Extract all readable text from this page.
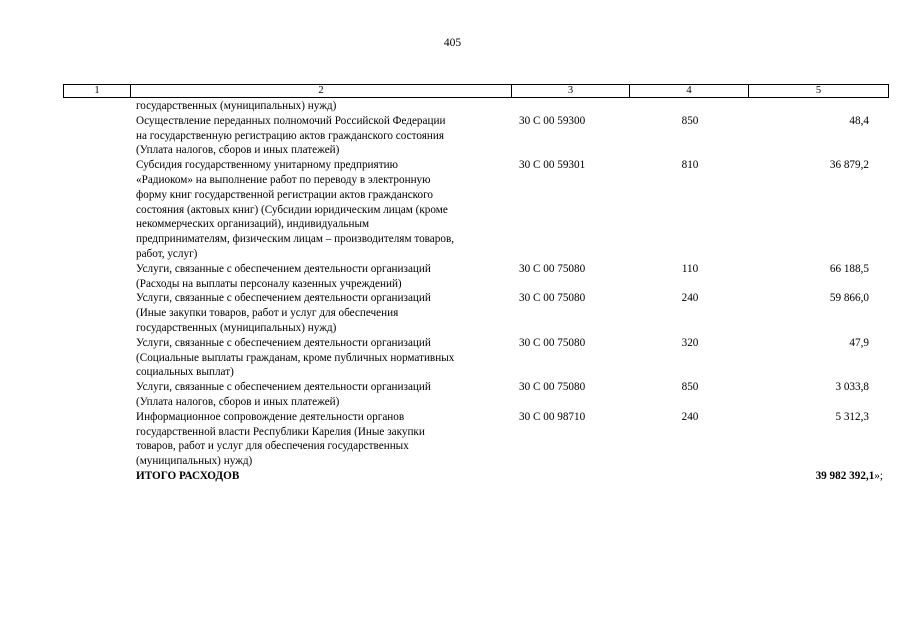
405
1	2	3	4	5
государственных (муниципальных) нужд)
Осуществление переданных полномочий Российской Федерации
на государственную регистрацию актов гражданского состояния
(Уплата налогов, сборов и иных платежей)
30 С 00 59300	850	48,4
Субсидия государственному унитарному предприятию
«Радиоком» на выполнение работ по переводу в электронную
форму книг государственной регистрации актов гражданского
состояния (актовых книг) (Субсидии юридическим лицам (кроме
некоммерческих организаций), индивидуальным
предпринимателям, физическим лицам – производителям товаров,
работ, услуг)
30 С 00 59301	810	36 879,2
Услуги, связанные с обеспечением деятельности организаций
(Расходы на выплаты персоналу казенных учреждений)
30 С 00 75080	110	66 188,5
Услуги, связанные с обеспечением деятельности организаций
(Иные закупки товаров, работ и услуг для обеспечения
государственных (муниципальных) нужд)
30 С 00 75080	240	59 866,0
Услуги, связанные с обеспечением деятельности организаций
(Социальные выплаты гражданам, кроме публичных нормативных
социальных выплат)
30 С 00 75080	320	47,9
Услуги, связанные с обеспечением деятельности организаций
(Уплата налогов, сборов и иных платежей)
30 С 00 75080	850	3 033,8
Информационное сопровождение деятельности органов
государственной власти Республики Карелия (Иные закупки
товаров, работ и услуг для обеспечения государственных
(муниципальных) нужд)
30 С 00 98710	240	5 312,3
ИТОГО РАСХОДОВ	39 982 392,1»;
